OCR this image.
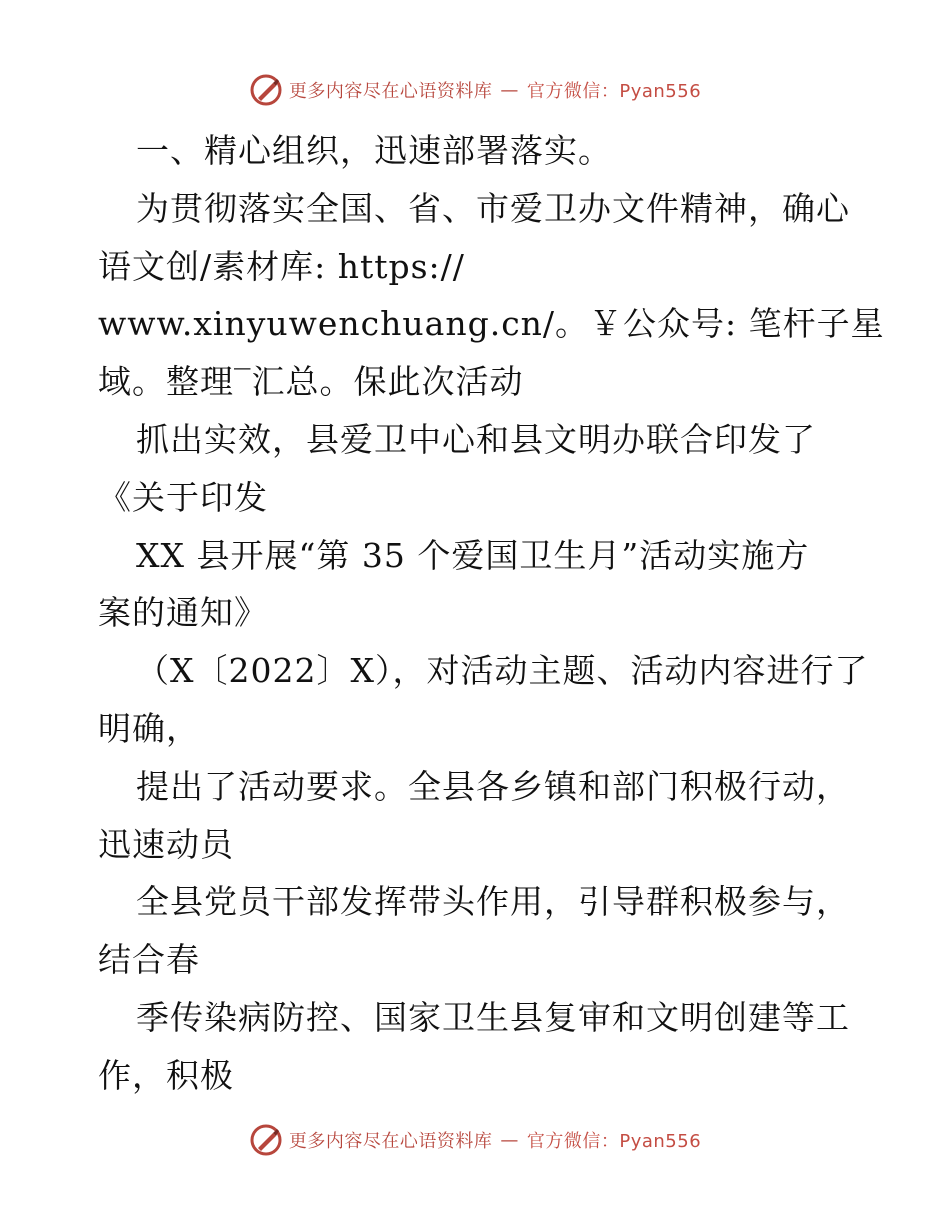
更多内容尽在心语资料库 — 官方微信：Pyan556
一、精心组织，迅速部署落实。
为贯彻落实全国、省、市爱卫办文件精神，确心
语文创/素材库: https://
www.xinyuwenchuang.cn/。￥公众号: 笔杆子星
域。整理‾汇总。保此次活动
抓出实效，县爱卫中心和县文明办联合印发了
《关于印发
XX 县开展“第 35 个爱国卫生月”活动实施方
案的通知》
（X〔2022〕X），对活动主题、活动内容进行了
明确，
提出了活动要求。全县各乡镇和部门积极行动，
迅速动员
全县党员干部发挥带头作用，引导群积极参与，
结合春
季传染病防控、国家卫生县复审和文明创建等工
作，积极
更多内容尽在心语资料库 — 官方微信：Pyan556
